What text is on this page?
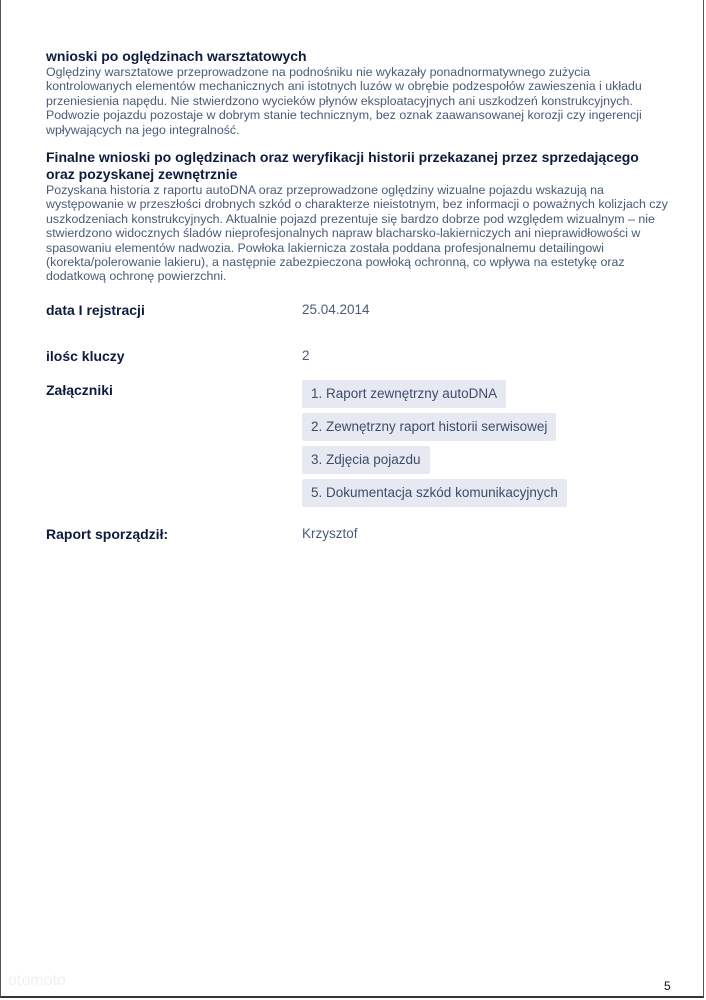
wnioski po oględzinach warsztatowych

Oględziny warsztatowe przeprowadzone na podnośniku nie wykazały ponadnormatywnego zużycia kontrolowanych elementów mechanicznych ani istotnych luzów w obrębie podzespołów zawieszenia i układu przeniesienia napędu. Nie stwierdzono wycieków płynów eksploatacyjnych ani uszkodzeń konstrukcyjnych. Podwozie pojazdu pozostaje w dobrym stanie technicznym, bez oznak zaawansowanej korozji czy ingerencji wpływających na jego integralność.

Finalne wnioski po oględzinach oraz weryfikacji historii przekazanej przez sprzedającego oraz pozyskanej zewnętrznie

Pozyskana historia z raportu autoDNA oraz przeprowadzone oględziny wizualne pojazdu wskazują na występowanie w przeszłości drobnych szkód o charakterze nieistotnym, bez informacji o poważnych kolizjach czy uszkodzeniach konstrukcyjnych. Aktualnie pojazd prezentuje się bardzo dobrze pod względem wizualnym – nie stwierdzono widocznych śladów nieprofesjonalnych napraw blacharsko-lakierniczych ani nieprawidłowości w spasowaniu elementów nadwozia. Powłoka lakiernicza została poddana profesjonalnemu detailingowi (korekta/polerowanie lakieru), a następnie zabezpieczona powłoką ochronną, co wpływa na estetykę oraz dodatkową ochronę powierzchni.

data I rejstracji	25.04.2014
ilośc kluczy	2
Załączniki	1. Raport zewnętrzny autoDNA
2. Zewnętrzny raport historii serwisowej
3. Zdjęcia pojazdu
5. Dokumentacja szkód komunikacyjnych
Raport sporządził:	Krzysztof
otomoto	5
